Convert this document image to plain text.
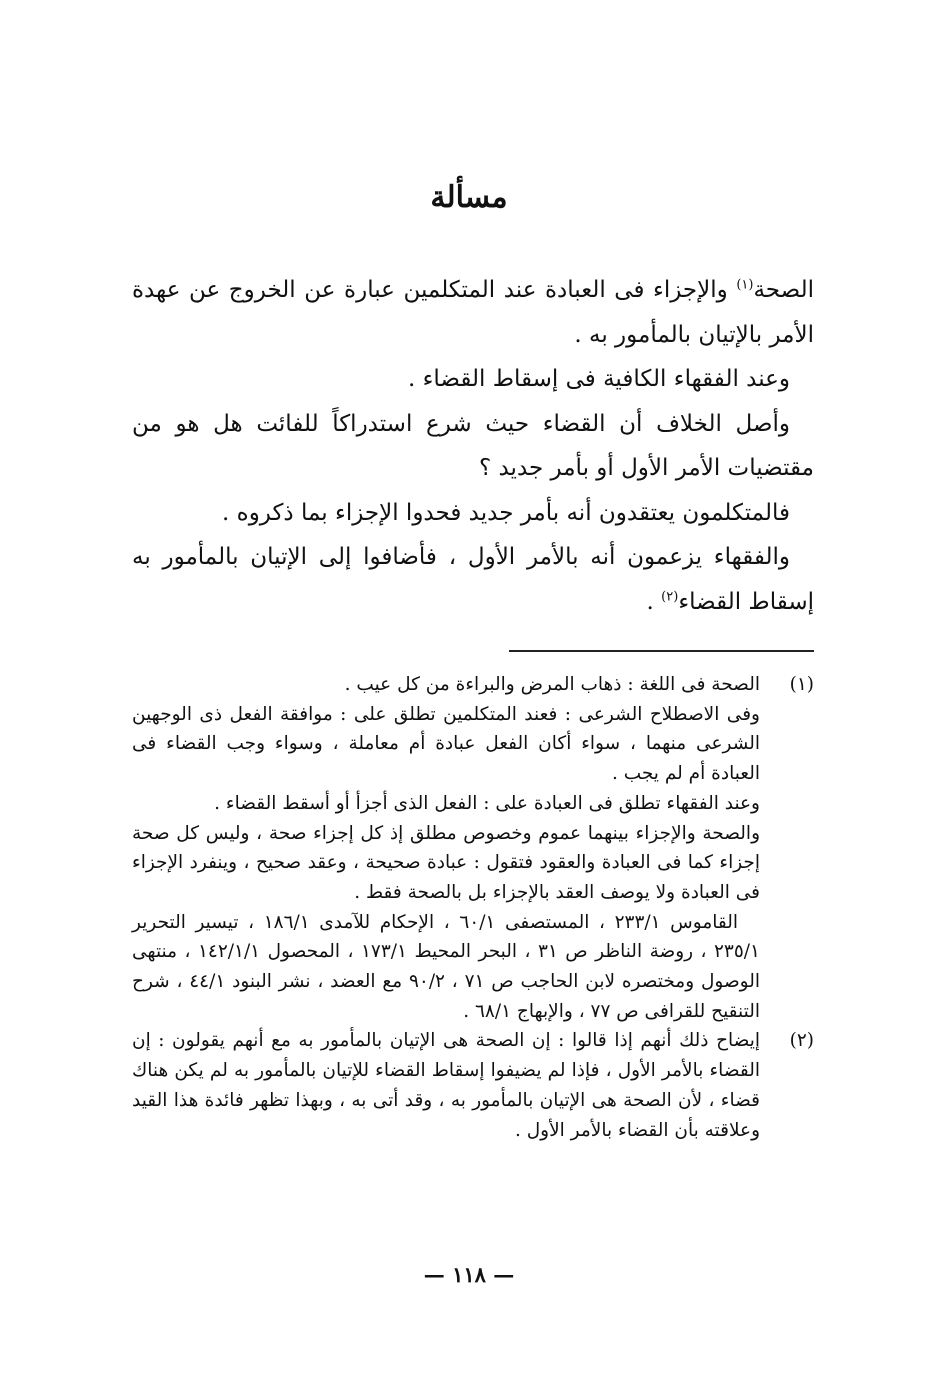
مسألة

الصحة$^{(١)}$ والإجزاء فى العبادة عند المتكلمين عبارة عن الخروج عن عهدة الأمر بالإتيان بالمأمور به .

وعند الفقهاء الكافية فى إسقاط القضاء .

وأصل الخلاف أن القضاء حيث شرع استدراكاً للفائت هل هو من مقتضيات الأمر الأول أو بأمر جديد ؟

فالمتكلمون يعتقدون أنه بأمر جديد فحدوا الإجزاء بما ذكروه .

والفقهاء يزعمون أنه بالأمر الأول ، فأضافوا إلى الإتيان بالمأمور به إسقاط القضاء$^{(٢)}$ .

(١)

الصحة فى اللغة : ذهاب المرض والبراءة من كل عيب .

وفى الاصطلاح الشرعى : فعند المتكلمين تطلق على : موافقة الفعل ذى الوجهين الشرعى منهما ، سواء أكان الفعل عبادة أم معاملة ، وسواء وجب القضاء فى العبادة أم لم يجب .

وعند الفقهاء تطلق فى العبادة على : الفعل الذى أجزأ أو أسقط القضاء .

والصحة والإجزاء بينهما عموم وخصوص مطلق إذ كل إجزاء صحة ، وليس كل صحة إجزاء كما فى العبادة والعقود فتقول : عبادة صحيحة ، وعقد صحيح ، وينفرد الإجزاء فى العبادة ولا يوصف العقد بالإجزاء بل بالصحة فقط .

القاموس ٢٣٣/١ ، المستصفى ٦٠/١ ، الإحكام للآمدى ١٨٦/١ ، تيسير التحرير ٢٣٥/١ ، روضة الناظر ص ٣١ ، البحر المحيط ١٧٣/١ ، المحصول ١٤٢/١/١ ، منتهى الوصول ومختصره لابن الحاجب ص ٧١ ، ٩٠/٢ مع العضد ، نشر البنود ٤٤/١ ، شرح التنقيح للقرافى ص ٧٧ ، والإبهاج ٦٨/١ .

(٢)

إيضاح ذلك أنهم إذا قالوا : إن الصحة هى الإتيان بالمأمور به مع أنهم يقولون : إن القضاء بالأمر الأول ، فإذا لم يضيفوا إسقاط القضاء للإتيان بالمأمور به لم يكن هناك قضاء ، لأن الصحة هى الإتيان بالمأمور به ، وقد أتى به ، وبهذا تظهر فائدة هذا القيد وعلاقته بأن القضاء بالأمر الأول .

— ١١٨ —
